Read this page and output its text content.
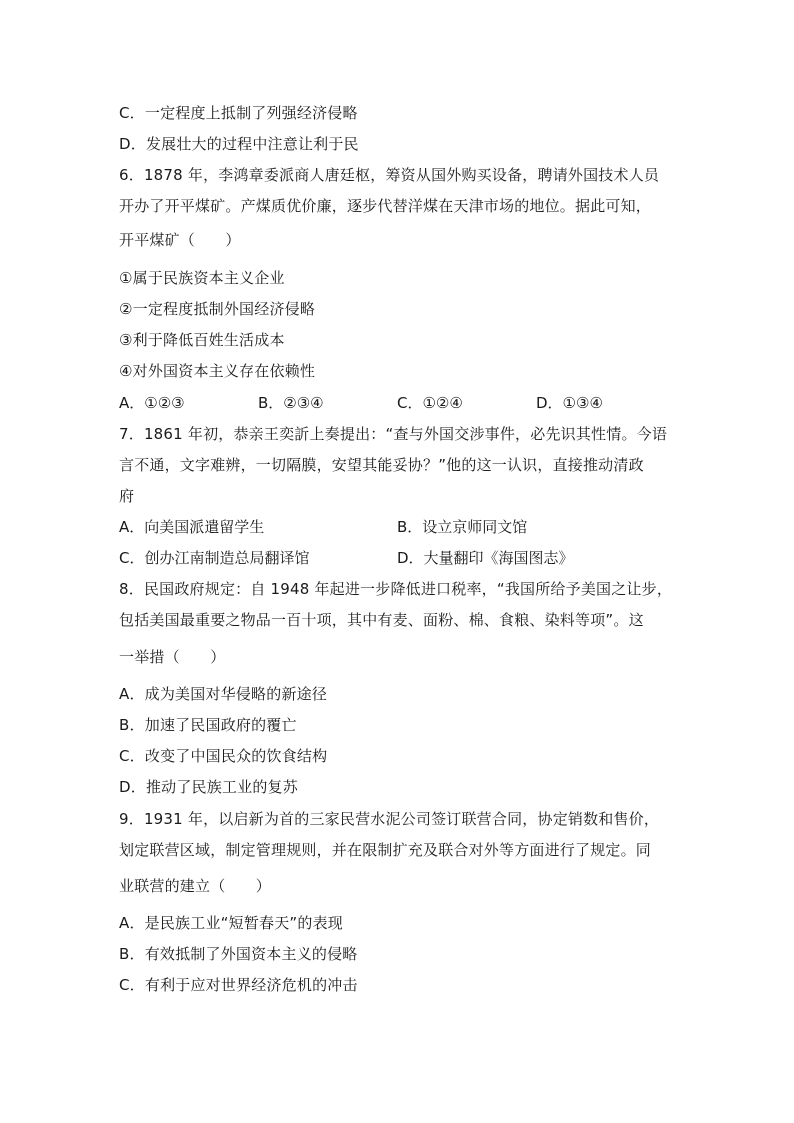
C．一定程度上抵制了列强经济侵略
D．发展壮大的过程中注意让利于民
6．1878 年，李鸿章委派商人唐廷枢，筹资从国外购买设备，聘请外国技术人员
开办了开平煤矿。产煤质优价廉，逐步代替洋煤在天津市场的地位。据此可知，
开平煤矿（　　）
①属于民族资本主义企业
②一定程度抵制外国经济侵略
③利于降低百姓生活成本
④对外国资本主义存在依赖性
A．①②③	B．②③④	C．①②④	D．①③④
7．1861 年初，恭亲王奕訢上奏提出：“查与外国交涉事件，必先识其性情。今语
言不通，文字难辨，一切隔膜，安望其能妥协？”他的这一认识，直接推动清政
府
A．向美国派遣留学生	B．设立京师同文馆
C．创办江南制造总局翻译馆	D．大量翻印《海国图志》
8．民国政府规定：自 1948 年起进一步降低进口税率，“我国所给予美国之让步，
包括美国最重要之物品一百十项，其中有麦、面粉、棉、食粮、染料等项”。这
一举措（　　）
A．成为美国对华侵略的新途径
B．加速了民国政府的覆亡
C．改变了中国民众的饮食结构
D．推动了民族工业的复苏
9．1931 年，以启新为首的三家民营水泥公司签订联营合同，协定销数和售价，
划定联营区域，制定管理规则，并在限制扩充及联合对外等方面进行了规定。同
业联营的建立（　　）
A．是民族工业“短暂春天”的表现
B．有效抵制了外国资本主义的侵略
C．有利于应对世界经济危机的冲击
